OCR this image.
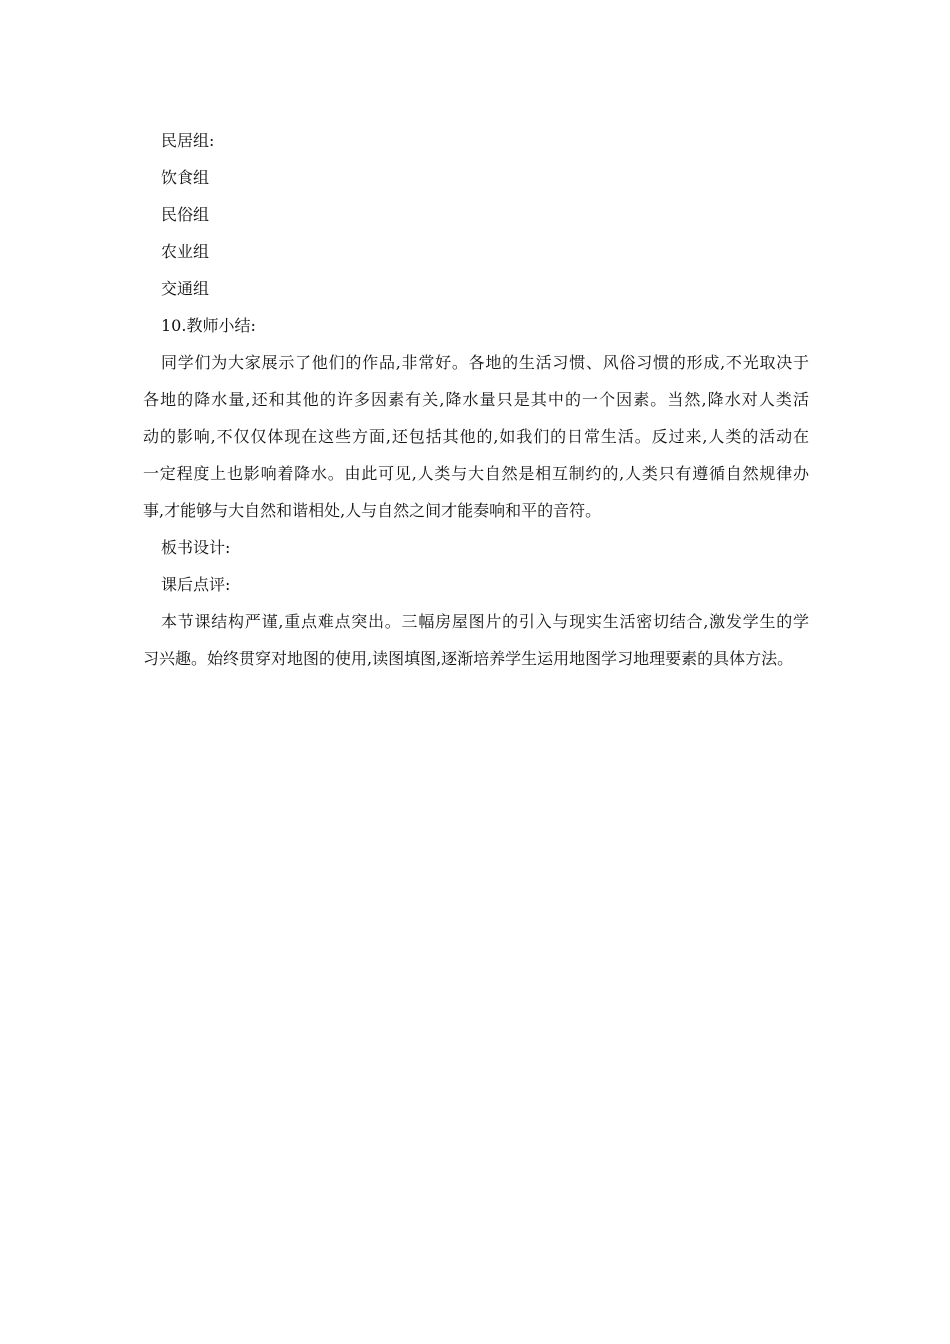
民居组:
饮食组
民俗组
农业组
交通组
10.教师小结:
同学们为大家展示了他们的作品,非常好。各地的生活习惯、风俗习惯的形成,不光取决于
各地的降水量,还和其他的许多因素有关,降水量只是其中的一个因素。当然,降水对人类活
动的影响,不仅仅体现在这些方面,还包括其他的,如我们的日常生活。反过来,人类的活动在
一定程度上也影响着降水。由此可见,人类与大自然是相互制约的,人类只有遵循自然规律办
事,才能够与大自然和谐相处,人与自然之间才能奏响和平的音符。
板书设计:
课后点评:
本节课结构严谨,重点难点突出。三幅房屋图片的引入与现实生活密切结合,激发学生的学
习兴趣。始终贯穿对地图的使用,读图填图,逐渐培养学生运用地图学习地理要素的具体方法。
